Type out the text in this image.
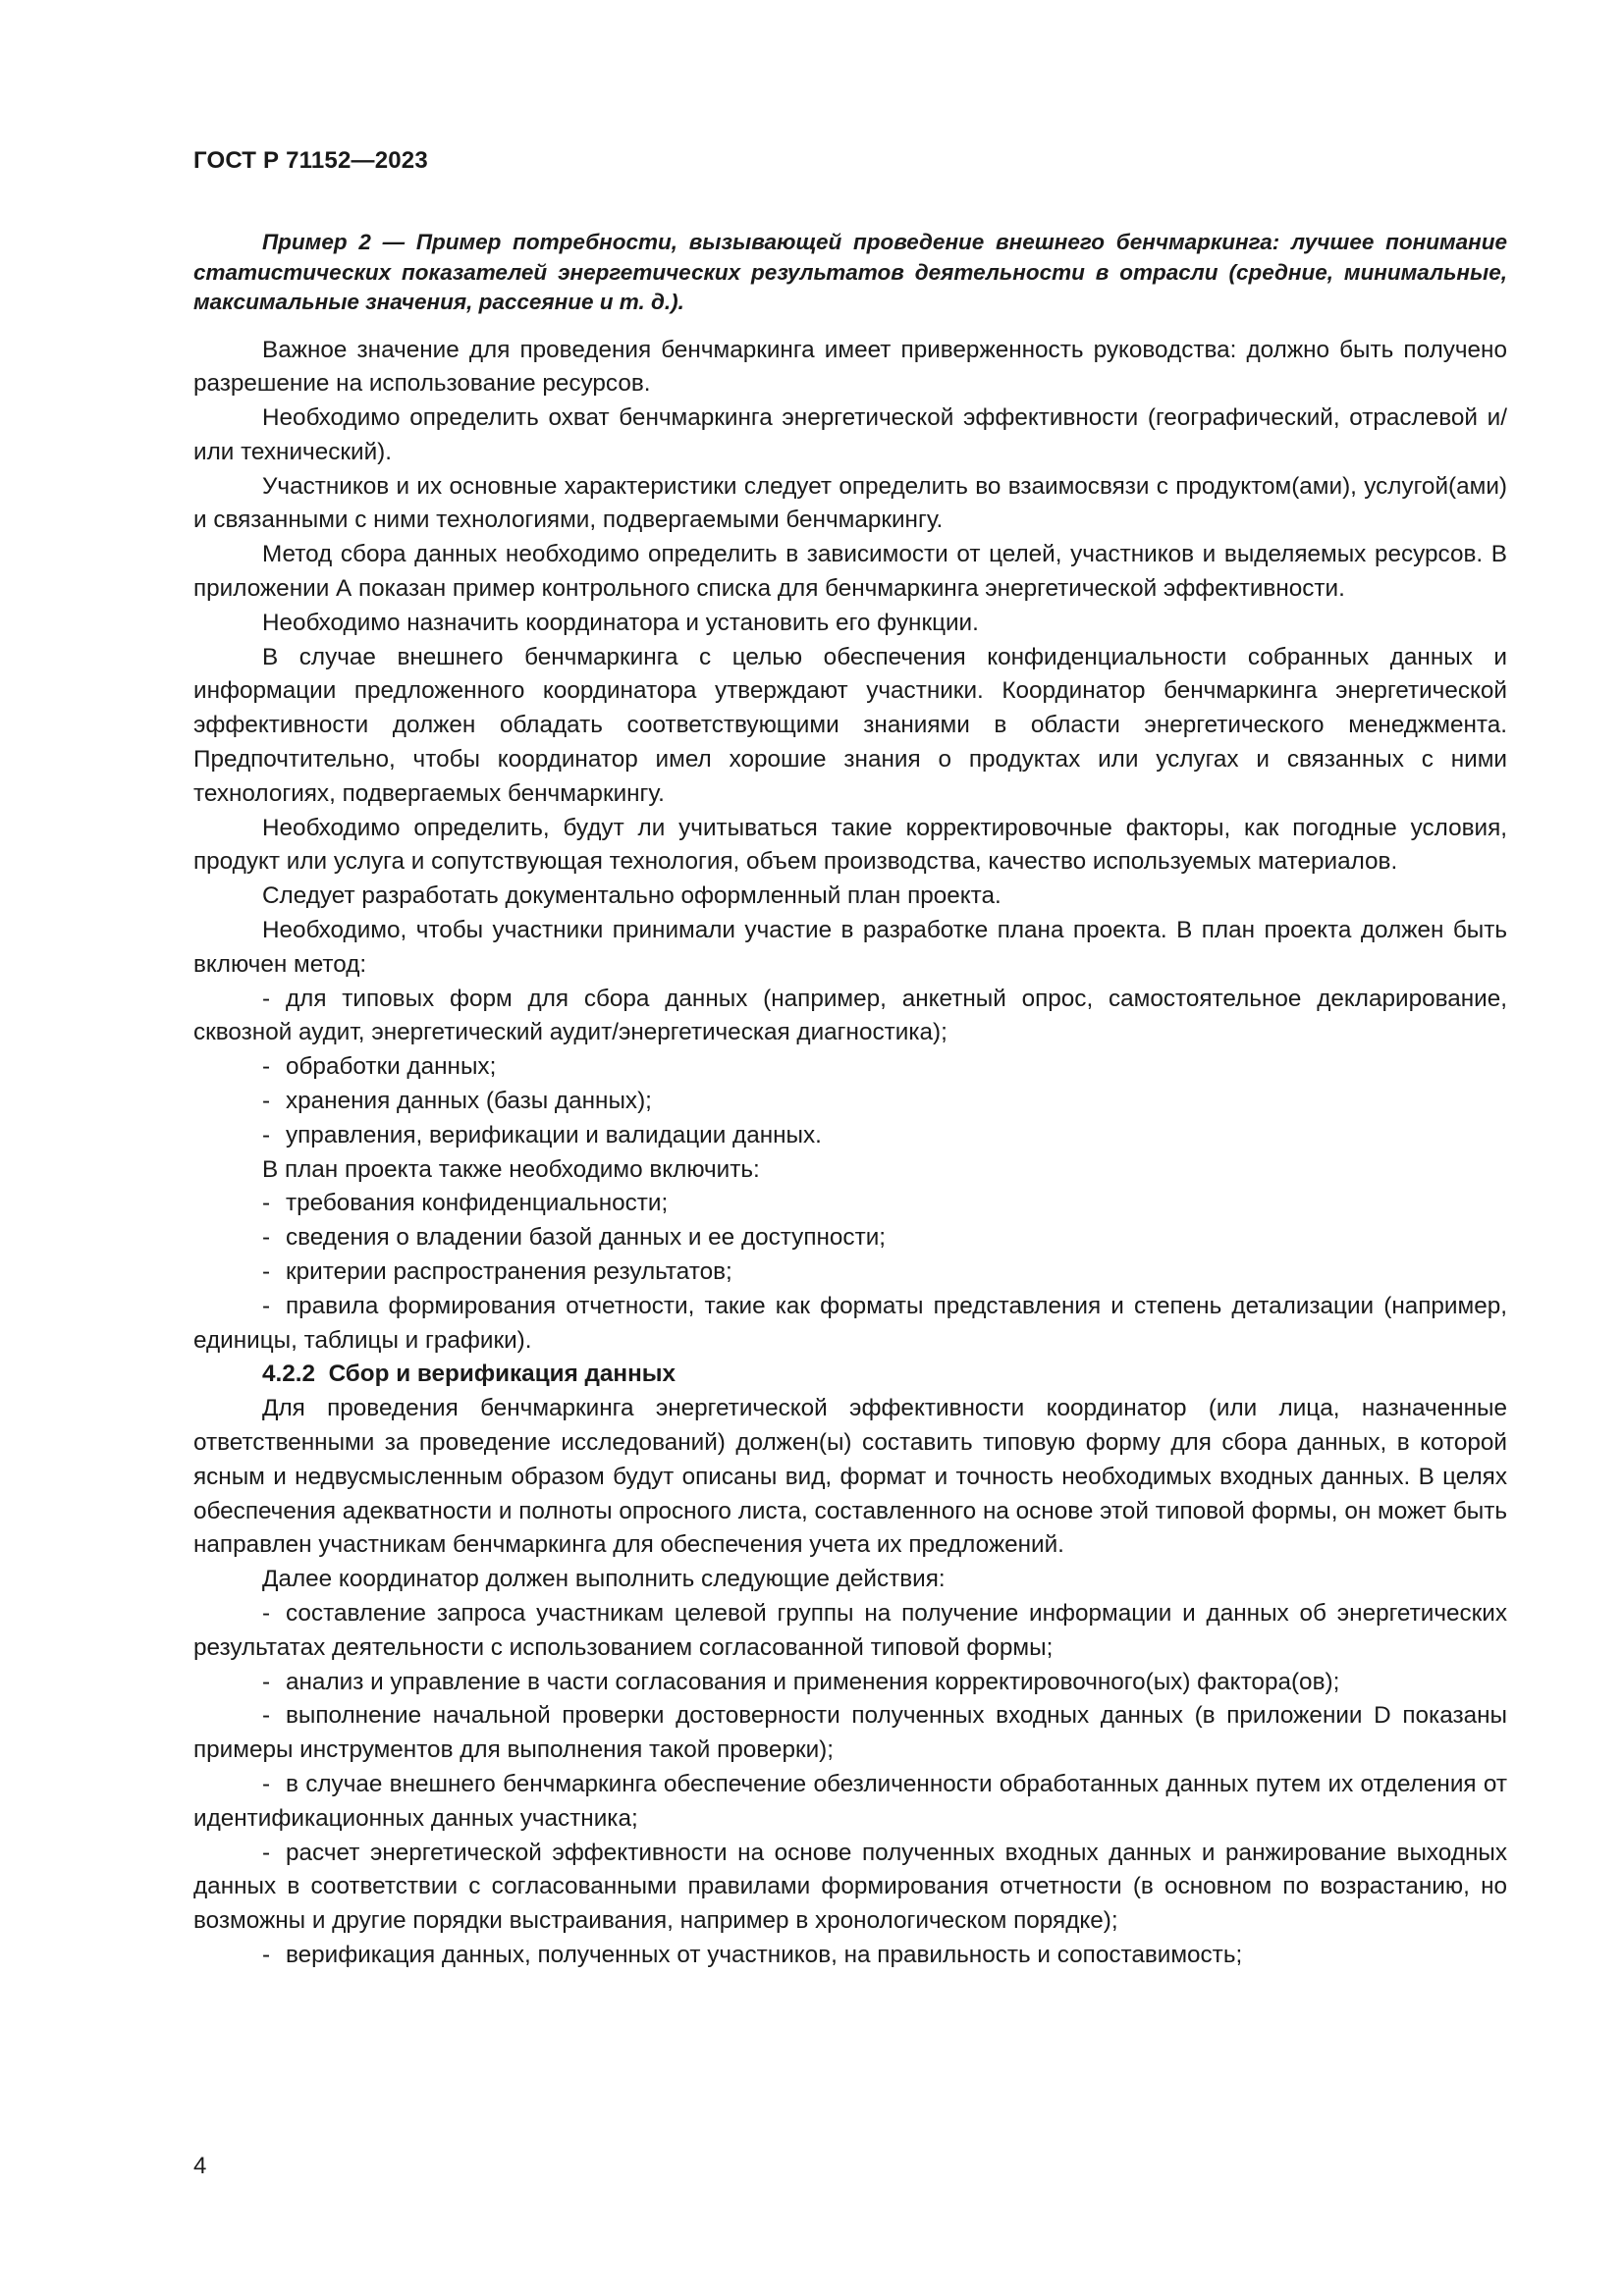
ГОСТ Р 71152—2023

Пример 2 — Пример потребности, вызывающей проведение внешнего бенчмаркинга: лучшее понимание статистических показателей энергетических результатов деятельности в отрасли (средние, минимальные, максимальные значения, рассеяние и т. д.).

Важное значение для проведения бенчмаркинга имеет приверженность руководства: должно быть получено разрешение на использование ресурсов.

Необходимо определить охват бенчмаркинга энергетической эффективности (географический, отраслевой и/или технический).

Участников и их основные характеристики следует определить во взаимосвязи с продуктом(ами), услугой(ами) и связанными с ними технологиями, подвергаемыми бенчмаркингу.

Метод сбора данных необходимо определить в зависимости от целей, участников и выделяемых ресурсов. В приложении А показан пример контрольного списка для бенчмаркинга энергетической эффективности.

Необходимо назначить координатора и установить его функции.

В случае внешнего бенчмаркинга с целью обеспечения конфиденциальности собранных данных и информации предложенного координатора утверждают участники. Координатор бенчмаркинга энергетической эффективности должен обладать соответствующими знаниями в области энергетического менеджмента. Предпочтительно, чтобы координатор имел хорошие знания о продуктах или услугах и связанных с ними технологиях, подвергаемых бенчмаркингу.

Необходимо определить, будут ли учитываться такие корректировочные факторы, как погодные условия, продукт или услуга и сопутствующая технология, объем производства, качество используемых материалов.

Следует разработать документально оформленный план проекта.

Необходимо, чтобы участники принимали участие в разработке плана проекта. В план проекта должен быть включен метод:

- для типовых форм для сбора данных (например, анкетный опрос, самостоятельное декларирование, сквозной аудит, энергетический аудит/энергетическая диагностика);

- обработки данных;

- хранения данных (базы данных);

- управления, верификации и валидации данных.

В план проекта также необходимо включить:

- требования конфиденциальности;

- сведения о владении базой данных и ее доступности;

- критерии распространения результатов;

- правила формирования отчетности, такие как форматы представления и степень детализации (например, единицы, таблицы и графики).

4.2.2 Сбор и верификация данных

Для проведения бенчмаркинга энергетической эффективности координатор (или лица, назначенные ответственными за проведение исследований) должен(ы) составить типовую форму для сбора данных, в которой ясным и недвусмысленным образом будут описаны вид, формат и точность необходимых входных данных. В целях обеспечения адекватности и полноты опросного листа, составленного на основе этой типовой формы, он может быть направлен участникам бенчмаркинга для обеспечения учета их предложений.

Далее координатор должен выполнить следующие действия:

- составление запроса участникам целевой группы на получение информации и данных об энергетических результатах деятельности с использованием согласованной типовой формы;

- анализ и управление в части согласования и применения корректировочного(ых) фактора(ов);

- выполнение начальной проверки достоверности полученных входных данных (в приложении D показаны примеры инструментов для выполнения такой проверки);

- в случае внешнего бенчмаркинга обеспечение обезличенности обработанных данных путем их отделения от идентификационных данных участника;

- расчет энергетической эффективности на основе полученных входных данных и ранжирование выходных данных в соответствии с согласованными правилами формирования отчетности (в основном по возрастанию, но возможны и другие порядки выстраивания, например в хронологическом порядке);

- верификация данных, полученных от участников, на правильность и сопоставимость;

4
